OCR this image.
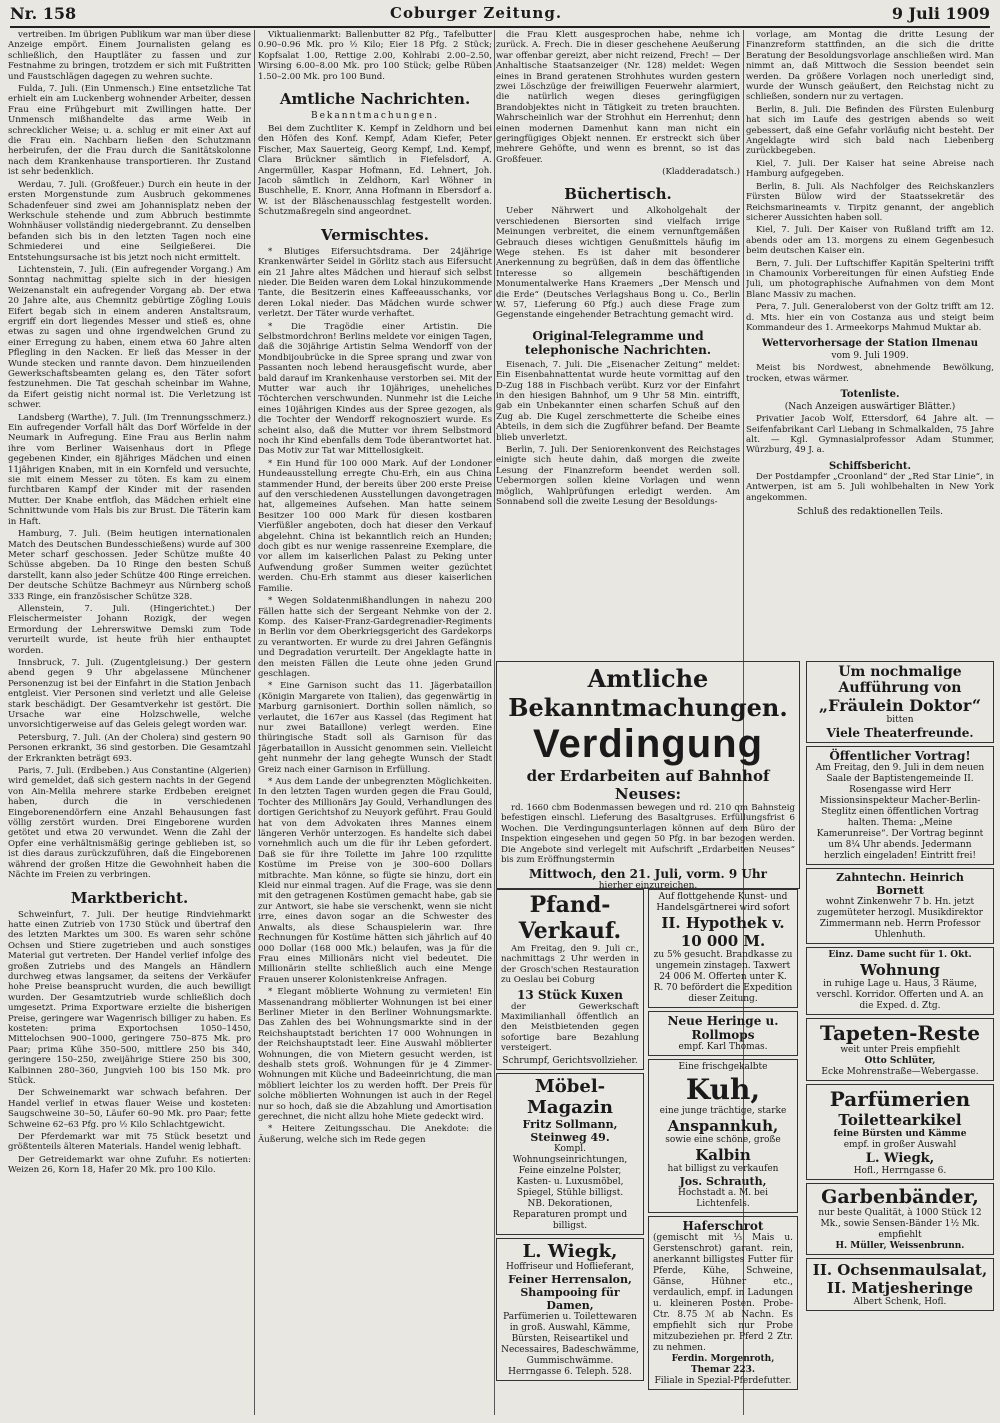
Nr. 158	Coburger Zeitung.	9 Juli 1909

vertreiben. Im übrigen Publikum war man über diese Anzeige empört. Einem Journalisten gelang es schließlich, den Hauptläter zu fassen und zur Festnahme zu bringen, trotzdem er sich mit Fußtritten und Faustschlägen dagegen zu wehren suchte.

Fulda, 7. Juli. (Ein Unmensch.) Eine entsetzliche Tat erhielt ein am Luckenberg wohnender Arbeiter, dessen Frau eine Frühgeburt mit Zwillingen hatte. Der Unmensch mißhandelte das arme Weib in schrecklicher Weise; u. a. schlug er mit einer Axt auf die Frau ein. Nachbarn ließen den Schutzmann herbeirufen, der die Frau durch die Sanitätskolonne nach dem Krankenhause transportieren. Ihr Zustand ist sehr bedenklich.

Werdau, 7. Juli. (Großfeuer.) Durch ein heute in der ersten Morgenstunde zum Ausbruch gekommenes Schadenfeuer sind zwei am Johannisplatz neben der Werkschule stehende und zum Abbruch bestimmte Wohnhäuser vollständig niedergebrannt. Zu denselben befanden sich bis in den letzten Tagen noch eine Schmiederei und eine Seilgießerei. Die Entstehungsursache ist bis jetzt noch nicht ermittelt.

Lichtenstein, 7. Juli. (Ein aufregender Vorgang.) Am Sonntag nachmittag spielte sich in der hiesigen Weizenanstalt ein aufregender Vorgang ab. Der etwa 20 Jahre alte, aus Chemnitz gebürtige Zögling Louis Eifert begab sich in einem anderen Anstaltsraum, ergriff ein dort liegendes Messer und stieß es, ohne etwas zu sagen und ohne irgendwelchen Grund zu einer Erregung zu haben, einem etwa 60 Jahre alten Pflegling in den Nacken. Er ließ das Messer in der Wunde stecken und rannte davon. Dem hinzueilenden Gewerkschaftsbeamten gelang es, den Täter sofort festzunehmen. Die Tat geschah scheinbar im Wahne, da Eifert geistig nicht normal ist. Die Verletzung ist schwer.

Landsberg (Warthe), 7. Juli. (Im Trennungsschmerz.) Ein aufregender Vorfall hält das Dorf Wörfelde in der Neumark in Aufregung. Eine Frau aus Berlin nahm ihre vom Berliner Waisenhaus dort in Pflege gegebenen Kinder, ein 8jähriges Mädchen und einen 11jährigen Knaben, mit in ein Kornfeld und versuchte, sie mit einem Messer zu töten. Es kam zu einem furchtbaren Kampf der Kinder mit der rasenden Mutter. Der Knabe entfloh, das Mädchen erhielt eine Schnittwunde vom Hals bis zur Brust. Die Täterin kam in Haft.

Hamburg, 7. Juli. (Beim heutigen internationalen Match des Deutschen Bundesschießens) wurde auf 300 Meter scharf geschossen. Jeder Schütze mußte 40 Schüsse abgeben. Da 10 Ringe den besten Schuß darstellt, kann also jeder Schütze 400 Ringe erreichen. Der deutsche Schütze Bachmeyr aus Nürnberg schoß 333 Ringe, ein französischer Schütze 328.

Allenstein, 7. Juli. (Hingerichtet.) Der Fleischermeister Johann Rozigk, der wegen Ermordung der Lehrerswitwe Demski zum Tode verurteilt wurde, ist heute früh hier enthauptet worden.

Innsbruck, 7. Juli. (Zugentgleisung.) Der gestern abend gegen 9 Uhr abgelassene Münchener Personenzug ist bei der Einfahrt in die Station Jenbach entgleist. Vier Personen sind verletzt und alle Geleise stark beschädigt. Der Gesamtverkehr ist gestört. Die Ursache war eine Holzschwelle, welche unvorsichtigerweise auf das Geleis gelegt worden war.

Petersburg, 7. Juli. (An der Cholera) sind gestern 90 Personen erkrankt, 36 sind gestorben. Die Gesamtzahl der Erkrankten beträgt 693.

Paris, 7. Juli. (Erdbeben.) Aus Constantine (Algerien) wird gemeldet, daß sich gestern nachts in der Gegend von Ain-Melila mehrere starke Erdbeben ereignet haben, durch die in verschiedenen Eingeborenendörfern eine Anzahl Behausungen fast völlig zerstört wurden. Drei Eingeborene wurden getötet und etwa 20 verwundet. Wenn die Zahl der Opfer eine verhältnismäßig geringe geblieben ist, so ist dies daraus zurückzuführen, daß die Eingeborenen während der großen Hitze die Gewohnheit haben die Nächte im Freien zu verbringen.

Marktbericht.

Schweinfurt, 7. Juli. Der heutige Rindviehmarkt hatte einen Zutrieb von 1730 Stück und übertraf den des letzten Marktes um 300. Es waren sehr schöne Ochsen und Stiere zugetrieben und auch sonstiges Material gut vertreten. Der Handel verlief infolge des großen Zutriebs und des Mangels an Händlern durchweg etwas langsamer, da seitens der Verkäufer hohe Preise beansprucht wurden, die auch bewilligt wurden. Der Gesamtzutrieb wurde schließlich doch umgesetzt. Prima Exportware erzielte die bisherigen Preise, geringere war Wagenrisch billiger zu haben. Es kosteten: prima Exportochsen 1050–1450, Mittelochsen 900–1000, geringere 750–875 Mk. pro Paar; prima Kühe 350–500, mittlere 250 bis 340, geringere 150–250, zweijährige Stiere 250 bis 300, Kalbinnen 280–360, Jungvieh 100 bis 150 Mk. pro Stück.

Der Schweinemarkt war schwach befahren. Der Handel verlief in etwas flauer Weise und kosteten: Saugschweine 30–50, Läufer 60–90 Mk. pro Paar; fette Schweine 62–63 Pfg. pro ½ Kilo Schlachtgewicht.

Der Pferdemarkt war mit 75 Stück besetzt und größtenteils älteren Materials. Handel wenig lebhaft.

Der Getreidemarkt war ohne Zufuhr. Es notierten: Weizen 26, Korn 18, Hafer 20 Mk. pro 100 Kilo.

Viktualienmarkt: Ballenbutter 82 Pfg., Tafelbutter 0.90–0.96 Mk. pro ½ Kilo; Eier 18 Pfg. 2 Stück; Kopfsalat 1.00, Rettige 2.00, Kohlrabi 2.00–2.50, Wirsing 6.00–8.00 Mk. pro 100 Stück; gelbe Rüben 1.50–2.00 Mk. pro 100 Bund.

Amtliche Nachrichten.
Bekanntmachungen.

Bei dem Zuchtliter K. Kempf in Zeldhorn und bei den Höfen des Konf. Kempf, Adam Kiefer, Peter Fischer, Max Sauerteig, Georg Kempf, Lnd. Kempf, Clara Brückner sämtlich in Fiefelsdorf, A. Angermüller, Kaspar Hofmann, Ed. Lehnert, Joh. Jacob sämtlich in Zeldhorn, Karl Wöhner in Buschhelle, E. Knorr, Anna Hofmann in Ebersdorf a. W. ist der Bläschenausschlag festgestellt worden. Schutzmaßregeln sind angeordnet.

Vermischtes.

* Blutiges Eifersuchtsdrama. Der 24jährige Krankenwärter Seidel in Görlitz stach aus Eifersucht ein 21 Jahre altes Mädchen und hierauf sich selbst nieder. Die Beiden waren dem Lokal hinzukommende Tante, die Besitzerin eines Kaffeeausschanks, vor deren Lokal nieder. Das Mädchen wurde schwer verletzt. Der Täter wurde verhaftet.

* Die Tragödie einer Artistin. Die Selbstmordchron! Berlins meldete vor einigen Tagen, daß die 30jährige Artistin Selma Wendorff von der Mondbijoubrücke in die Spree sprang und zwar von Passanten noch lebend herausgefischt wurde, aber bald darauf im Krankenhause verstorben sei. Mit der Mutter war auch ihr 10jähriges, uneheliches Töchterchen verschwunden. Nunmehr ist die Leiche eines 10jährigen Kindes aus der Spree gezogen, als die Tochter der Wendorff rekognosziert wurde. Es scheint also, daß die Mutter vor ihrem Selbstmord noch ihr Kind ebenfalls dem Tode überantwortet hat. Das Motiv zur Tat war Mittellosigkeit.

* Ein Hund für 100 000 Mark. Auf der Londoner Hundeausstellung erregte Chu-Erh, ein aus China stammender Hund, der bereits über 200 erste Preise auf den verschiedenen Ausstellungen davongetragen hat, allgemeines Aufsehen. Man hatte seinem Besitzer 100 000 Mark für diesen kostbaren Vierfüßler angeboten, doch hat dieser den Verkauf abgelehnt. China ist bekanntlich reich an Hunden; doch gibt es nur wenige rassenreine Exemplare, die vor allem im kaiserlichen Palast zu Peking unter Aufwendung großer Summen weiter gezüchtet werden. Chu-Erh stammt aus dieser kaiserlichen Familie.

* Wegen Soldatenmißhandlungen in nahezu 200 Fällen hatte sich der Sergeant Nehmke von der 2. Komp. des Kaiser-Franz-Gardegrenadier-Regiments in Berlin vor dem Oberkriegsgericht des Gardekorps zu verantworten. Er wurde zu drei Jahren Gefängnis und Degradation verurteilt. Der Angeklagte hatte in den meisten Fällen die Leute ohne jeden Grund geschlagen.

* Eine Garnison sucht das 11. Jägerbataillon (Königin Margarete von Italien), das gegenwärtig in Marburg garnisoniert. Dorthin sollen nämlich, so verlautet, die 167er aus Kassel (das Regiment hat nur zwei Bataillone) verlegt werden. Eine thüringische Stadt soll als Garnison für das Jägerbataillon in Aussicht genommen sein. Vielleicht geht nunmehr der lang gehegte Wunsch der Stadt Greiz nach einer Garnison in Erfüllung.

* Aus dem Lande der unbegrenzten Möglichkeiten. In den letzten Tagen wurden gegen die Frau Gould, Tochter des Millionärs Jay Gould, Verhandlungen des dortigen Gerichtshof zu Neuyork geführt. Frau Gould hat von dem Advokaten ihres Mannes einem längeren Verhör unterzogen. Es handelte sich dabei vornehmlich auch um die für ihr Leben gefordert. Daß sie für ihre Toilette im Jahre 100 rzqulitte Kostüme im Preise von je 300–600 Dollars mitbrachte. Man könne, so fügte sie hinzu, dort ein Kleid nur einmal tragen. Auf die Frage, was sie denn mit den getragenen Kostümen gemacht habe, gab sie zur Antwort, sie habe sie verschenkt, wenn sie nicht irre, eines davon sogar an die Schwester des Anwalts, als diese Schauspielerin war. Ihre Rechnungen für Kostüme hätten sich jährlich auf 40 000 Dollar (168 000 Mk.) belaufen, was ja für die Frau eines Millionärs nicht viel bedeutet. Die Millionärin stellte schließlich auch eine Menge Frauen unserer Kolonistenkreise Anfragen.

* Elegant möblierte Wohnung zu vermieten! Ein Massenandrang möblierter Wohnungen ist bei einer Berliner Mieter in den Berliner Wohnungsmarkte. Das Zahlen des bei Wohnungsmarkte sind in der Reichshauptstadt berichten 17 000 Wohnungen in der Reichshauptstadt leer. Eine Auswahl möblierter Wohnungen, die von Mietern gesucht werden, ist deshalb stets groß. Wohnungen für je 4 Zimmer-Wohnungen mit Küche und Badeeinrichtung, die man möbliert leichter los zu werden hofft. Der Preis für solche möblierten Wohnungen ist auch in der Regel nur so hoch, daß sie die Abzahlung und Amortisation gerechnet, die nicht allzu hohe Miete gedeckt wird.

* Heitere Zeitungsschau. Die Anekdote: die Äußerung, welche sich im Rede gegen

die Frau Klett ausgesprochen habe, nehme ich zurück. A. Frech. Die in dieser geschehene Aeußerung war offenbar gereizt, aber nicht reizend, Frech! — Der Anhaltische Staatsanzeiger (Nr. 128) meldet: Wegen eines in Brand geratenen Strohhutes wurden gestern zwei Löschzüge der freiwilligen Feuerwehr alarmiert, die natürlich wegen dieses geringfügigen Brandobjektes nicht in Tätigkeit zu treten brauchten. Wahrscheinlich war der Strohhut ein Herrenhut; denn einen modernen Damenhut kann man nicht ein geringfügiges Objekt nennen. Er erstreckt sich über mehrere Gehöfte, und wenn es brennt, so ist das Großfeuer.

(Kladderadatsch.)
Büchertisch.

Ueber Nährwert und Alkoholgehalt der verschiedenen Biersorten sind vielfach irrige Meinungen verbreitet, die einem vernunftgemäßen Gebrauch dieses wichtigen Genußmittels häufig im Wege stehen. Es ist daher mit besonderer Anerkennung zu begrüßen, daß in dem das öffentliche Interesse so allgemein beschäftigenden Monumentalwerke Hans Kraemers „Der Mensch und die Erde“ (Deutsches Verlagshaus Bong u. Co., Berlin W. 57, Lieferung 60 Pfg.) auch diese Frage zum Gegenstande eingehender Betrachtung gemacht wird.

Original-Telegramme und telephonische Nachrichten.

Eisenach, 7. Juli. Die „Eisenacher Zeitung“ meldet: Ein Eisenbahnattentat wurde heute vormittag auf den D-Zug 188 in Fischbach verübt. Kurz vor der Einfahrt in den hiesigen Bahnhof, um 9 Uhr 58 Min. eintrifft, gab ein Unbekannter einen scharfen Schuß auf den Zug ab. Die Kugel zerschmetterte die Scheibe eines Abteils, in dem sich die Zugführer befand. Der Beamte blieb unverletzt.

Berlin, 7. Juli. Der Seniorenkonvent des Reichstages einigte sich heute dahin, daß morgen die zweite Lesung der Finanzreform beendet werden soll. Uebermorgen sollen kleine Vorlagen und wenn möglich, Wahlprüfungen erledigt werden. Am Sonnabend soll die zweite Lesung der Besoldungs-

vorlage, am Montag die dritte Lesung der Finanzreform stattfinden, an die sich die dritte Beratung der Besoldungsvorlage anschließen wird. Man nimmt an, daß Mittwoch die Session beendet sein werden. Da größere Vorlagen noch unerledigt sind, wurde der Wunsch geäußert, den Reichstag nicht zu schließen, sondern nur zu vertagen.

Berlin, 8. Juli. Die Befinden des Fürsten Eulenburg hat sich im Laufe des gestrigen abends so weit gebessert, daß eine Gefahr vorläufig nicht besteht. Der Angeklagte wird sich bald nach Liebenberg zurückbegeben.

Kiel, 7. Juli. Der Kaiser hat seine Abreise nach Hamburg aufgegeben.

Berlin, 8. Juli. Als Nachfolger des Reichskanzlers Fürsten Bülow wird der Staatssekretär des Reichsmarineamts v. Tirpitz genannt, der angeblich sicherer Aussichten haben soll.

Kiel, 7. Juli. Der Kaiser von Rußland trifft am 12. abends oder am 13. morgens zu einem Gegenbesuch beim deutschen Kaiser ein.

Bern, 7. Juli. Der Luftschiffer Kapitän Spelterini trifft in Chamounix Vorbereitungen für einen Aufstieg Ende Juli, um photographische Aufnahmen von dem Mont Blanc Massiv zu machen.

Pera, 7. Juli. Generaloberst von der Goltz trifft am 12. d. Mts. hier ein von Costanza aus und steigt beim Kommandeur des 1. Armeekorps Mahmud Muktar ab.

Wettervorhersage der Station Ilmenau
vom 9. Juli 1909.

Meist bis Nordwest, abnehmende Bewölkung, trocken, etwas wärmer.

Totenliste.
(Nach Anzeigen auswärtiger Blätter.)

Privatier Jacob Wolf, Ettersdorf, 64 Jahre alt. — Seifenfabrikant Carl Liebang in Schmalkalden, 75 Jahre alt. — Kgl. Gymnasialprofessor Adam Stummer, Würzburg, 49 J. a.

Schiffsbericht.

Der Postdampfer „Croonland“ der „Red Star Linie“, in Antwerpen, ist am 5. Juli wohlbehalten in New York angekommen.

Schluß des redaktionellen Teils.
Amtliche Bekanntmachungen.
Verdingung
der Erdarbeiten auf Bahnhof Neuses:

rd. 1660 cbm Bodenmassen bewegen und rd. 210 qm Bahnsteig befestigen einschl. Lieferung des Basaltgruses. Erfüllungsfrist 6 Wochen. Die Verdingungsunterlagen können auf dem Büro der Inspektion eingesehen und gegen 50 Pfg. in bar bezogen werden. Die Angebote sind verlegelt mit Aufschrift „Erdarbeiten Neuses“ bis zum Eröffnungstermin

Mittwoch, den 21. Juli, vorm. 9 Uhr
hierher einzureichen.
Pfand-Verkauf.

Am Freitag, den 9. Juli cr., nachmittags 2 Uhr werden in der Grosch'schen Restauration zu Oeslau bei Coburg

13 Stück Kuxen

der Gewerkschaft Maximilianhall öffentlich an den Meistbietenden gegen sofortige bare Bezahlung versteigert.

Schrumpf, Gerichtsvollzieher.
Möbel-Magazin
Fritz Sollmann, Steinweg 49.
Kompl. Wohnungseinrichtungen, Feine einzelne Polster, Kasten- u. Luxusmöbel, Spiegel, Stühle billigst.
NB. Dekorationen, Reparaturen prompt und billigst.
L. Wiegk,
Hoffriseur und Hoflieferant,
Feiner Herrensalon,
Shampooing für Damen,
Parfümerien u. Toilettewaren in groß. Auswahl, Kämme, Bürsten, Reiseartikel und Necessaires, Badeschwämme, Gummischwämme.
Herrngasse 6. Teleph. 528.
Auf flottgehende Kunst- und Handelsgärtnerei wird sofort
II. Hypothek v. 10 000 M.
zu 5% gesucht. Brandkasse zu ungemein zinstagen. Taxwert 24 006 M. Offerten unter K. R. 70 befördert die Expedition dieser Zeitung.
Neue Heringe u. Rollmops
empf. Karl Thomas.
Eine frischgekalbte
Kuh,
eine junge trächtige, starke
Anspannkuh,
sowie eine schöne, große
Kalbin
hat billigst zu verkaufen
Jos. Schrauth,
Hochstadt a. M. bei Lichtenfels.
Haferschrot
(gemischt mit ⅓ Mais u. Gerstenschrot) garant. rein, anerkannt billigstes Futter für Pferde, Kühe, Schweine, Gänse, Hühner etc., verdaulich, empf. in Ladungen u. kleineren Posten. Probe-Ctr. 8.75 ℳ ab Nachn. Es empfiehlt sich nur Probe mitzubeziehen pr. Pferd 2 Ztr. zu nehmen.
Ferdin. Morgenroth, Themar 223.
Filiale in Spezial-Pferdefutter.
Um nochmalige Aufführung von
„Fräulein Doktor“
bitten
Viele Theaterfreunde.
Öffentlicher Vortrag!
Am Freitag, den 9. Juli in dem neuen Saale der Baptistengemeinde II. Rosengasse wird Herr Missionsinspekteur Macher-Berlin-Steglitz einen öffentlichen Vortrag halten. Thema: „Meine Kamerunreise“. Der Vortrag beginnt um 8¼ Uhr abends. Jedermann herzlich eingeladen! Eintritt frei!
Zahntechn. Heinrich Bornett
wohnt Zinkenwehr 7 b. Hn. jetzt zugemüteter herzogl. Musikdirektor Zimmermann neb. Herrn Professor Uhlenhuth.
Einz. Dame sucht für 1. Okt.
Wohnung
in ruhige Lage u. Haus, 3 Räume, verschl. Korridor. Offerten und A. an die Exped. d. Ztg.
Tapeten-Reste
weit unter Preis empfiehlt
Otto Schlüter,
Ecke Mohrenstraße—Webergasse.
Parfümerien
Toilettearkikel
feine Bürsten und Kämme
empf. in großer Auswahl
L. Wiegk,
Hofl., Herrngasse 6.
Garbenbänder,
nur beste Qualität, à 1000 Stück 12 Mk., sowie Sensen-Bänder 1½ Mk. empfiehlt
H. Müller, Weissenbrunn.
II. Ochsenmaulsalat,
II. Matjesheringe
Albert Schenk, Hofl.
